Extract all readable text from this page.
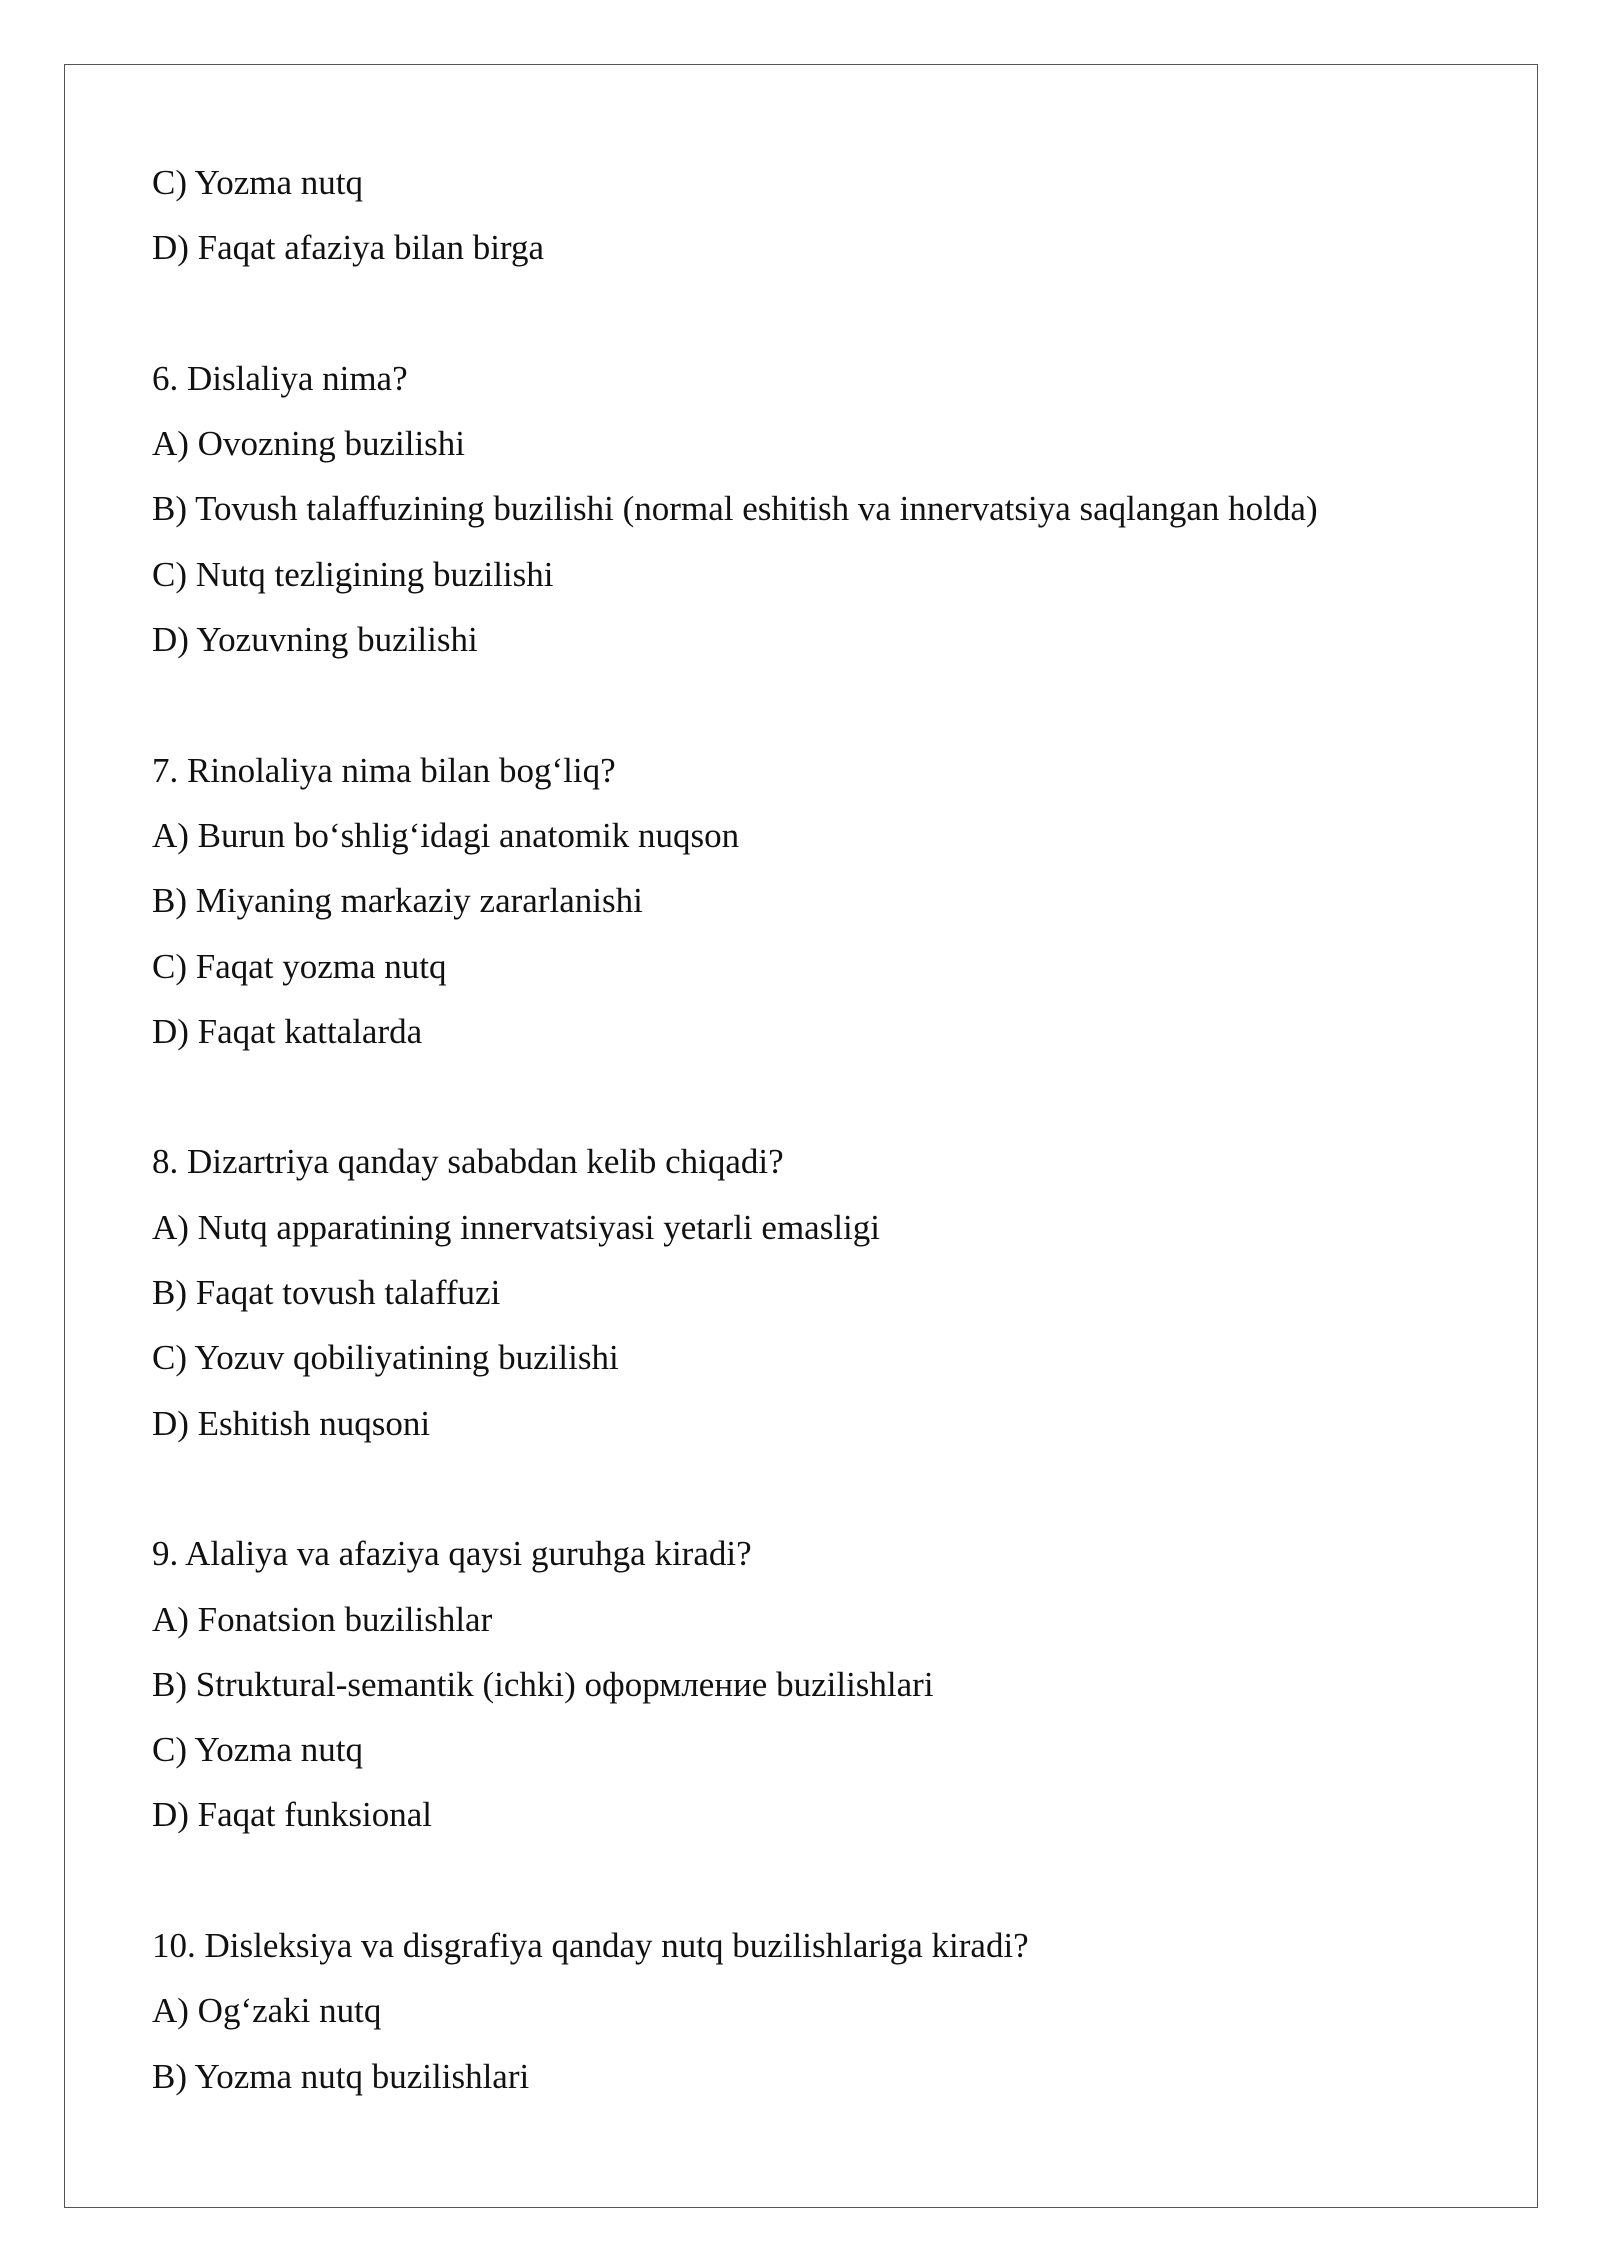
C) Yozma nutq
D) Faqat afaziya bilan birga
6. Dislaliya nima?
A) Ovozning buzilishi
B) Tovush talaffuzining buzilishi (normal eshitish va innervatsiya saqlangan holda)
C) Nutq tezligining buzilishi
D) Yozuvning buzilishi
7. Rinolaliya nima bilan bog‘liq?
A) Burun bo‘shlig‘idagi anatomik nuqson
B) Miyaning markaziy zararlanishi
C) Faqat yozma nutq
D) Faqat kattalarda
8. Dizartriya qanday sababdan kelib chiqadi?
A) Nutq apparatining innervatsiyasi yetarli emasligi
B) Faqat tovush talaffuzi
C) Yozuv qobiliyatining buzilishi
D) Eshitish nuqsoni
9. Alaliya va afaziya qaysi guruhga kiradi?
A) Fonatsion buzilishlar
B) Struktural-semantik (ichki) оформление buzilishlari
C) Yozma nutq
D) Faqat funksional
10. Disleksiya va disgrafiya qanday nutq buzilishlariga kiradi?
A) Og‘zaki nutq
B) Yozma nutq buzilishlari
